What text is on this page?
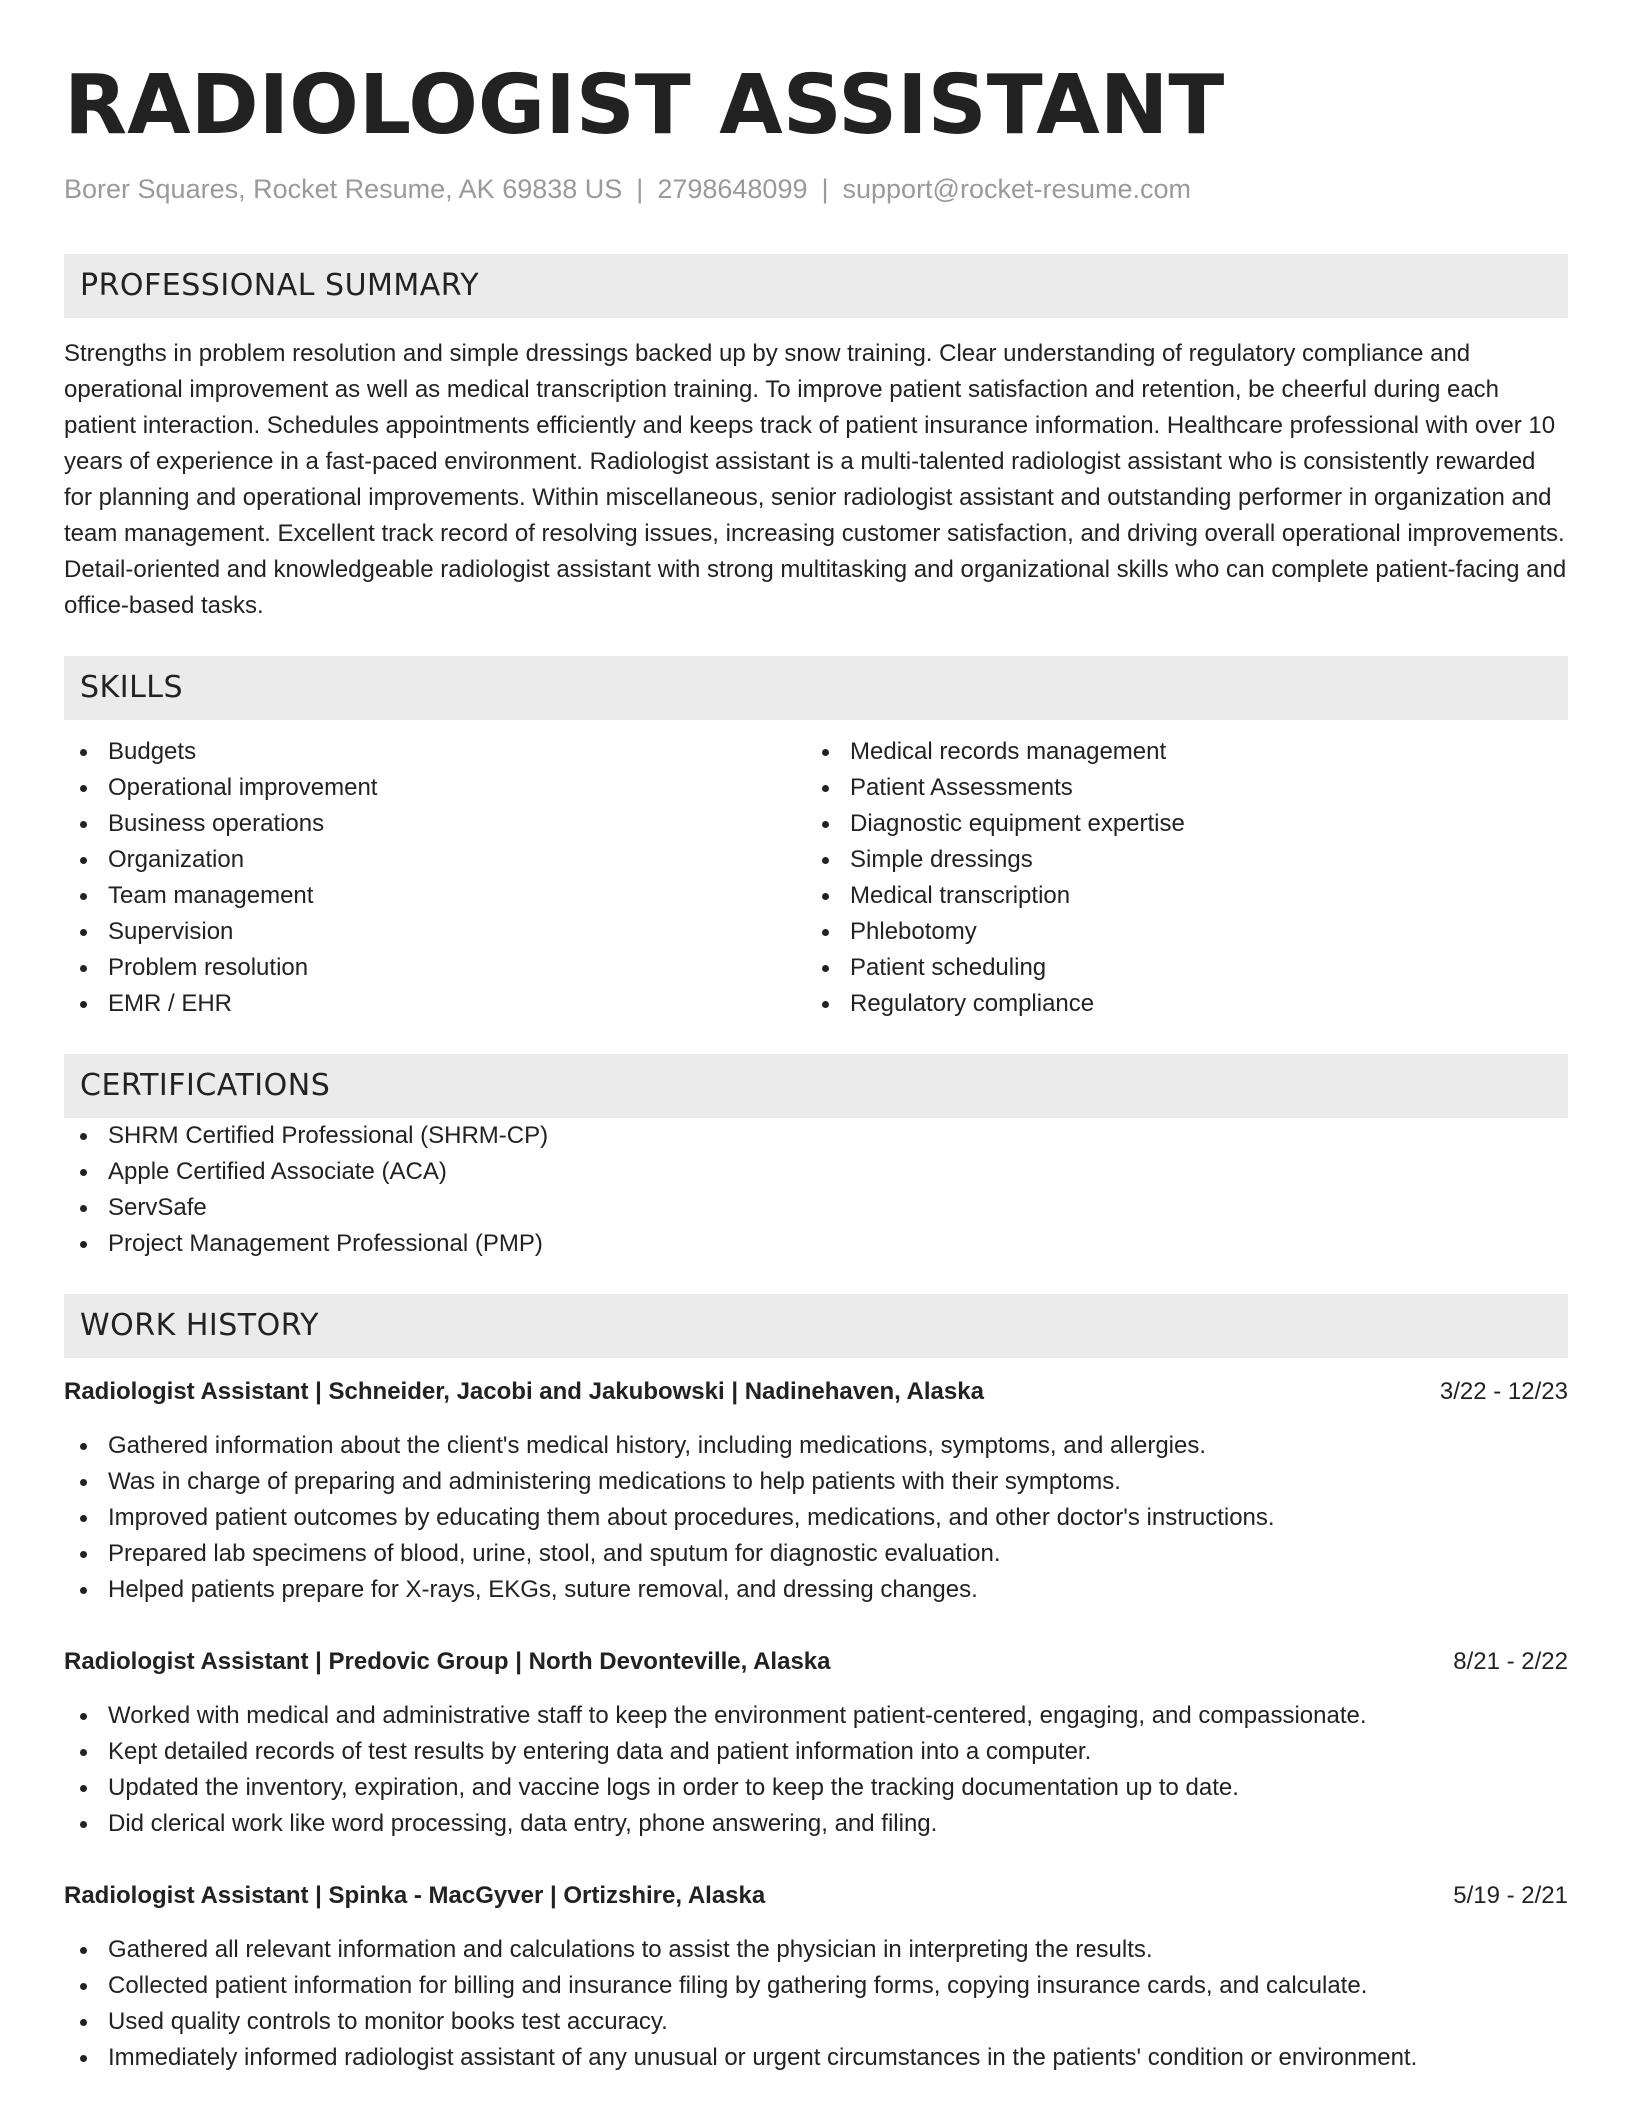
RADIOLOGIST ASSISTANT
Borer Squares, Rocket Resume, AK 69838 US | 2798648099 | support@rocket-resume.com
PROFESSIONAL SUMMARY
Strengths in problem resolution and simple dressings backed up by snow training. Clear understanding of regulatory compliance and operational improvement as well as medical transcription training. To improve patient satisfaction and retention, be cheerful during each patient interaction. Schedules appointments efficiently and keeps track of patient insurance information. Healthcare professional with over 10 years of experience in a fast-paced environment. Radiologist assistant is a multi-talented radiologist assistant who is consistently rewarded for planning and operational improvements. Within miscellaneous, senior radiologist assistant and outstanding performer in organization and team management. Excellent track record of resolving issues, increasing customer satisfaction, and driving overall operational improvements. Detail-oriented and knowledgeable radiologist assistant with strong multitasking and organizational skills who can complete patient-facing and office-based tasks.
SKILLS
Budgets
Operational improvement
Business operations
Organization
Team management
Supervision
Problem resolution
EMR / EHR
Medical records management
Patient Assessments
Diagnostic equipment expertise
Simple dressings
Medical transcription
Phlebotomy
Patient scheduling
Regulatory compliance
CERTIFICATIONS
SHRM Certified Professional (SHRM-CP)
Apple Certified Associate (ACA)
ServSafe
Project Management Professional (PMP)
WORK HISTORY
Radiologist Assistant | Schneider, Jacobi and Jakubowski | Nadinehaven, Alaska	3/22 - 12/23
Gathered information about the client's medical history, including medications, symptoms, and allergies.
Was in charge of preparing and administering medications to help patients with their symptoms.
Improved patient outcomes by educating them about procedures, medications, and other doctor's instructions.
Prepared lab specimens of blood, urine, stool, and sputum for diagnostic evaluation.
Helped patients prepare for X-rays, EKGs, suture removal, and dressing changes.
Radiologist Assistant | Predovic Group | North Devonteville, Alaska	8/21 - 2/22
Worked with medical and administrative staff to keep the environment patient-centered, engaging, and compassionate.
Kept detailed records of test results by entering data and patient information into a computer.
Updated the inventory, expiration, and vaccine logs in order to keep the tracking documentation up to date.
Did clerical work like word processing, data entry, phone answering, and filing.
Radiologist Assistant | Spinka - MacGyver | Ortizshire, Alaska	5/19 - 2/21
Gathered all relevant information and calculations to assist the physician in interpreting the results.
Collected patient information for billing and insurance filing by gathering forms, copying insurance cards, and calculate.
Used quality controls to monitor books test accuracy.
Immediately informed radiologist assistant of any unusual or urgent circumstances in the patients' condition or environment.
